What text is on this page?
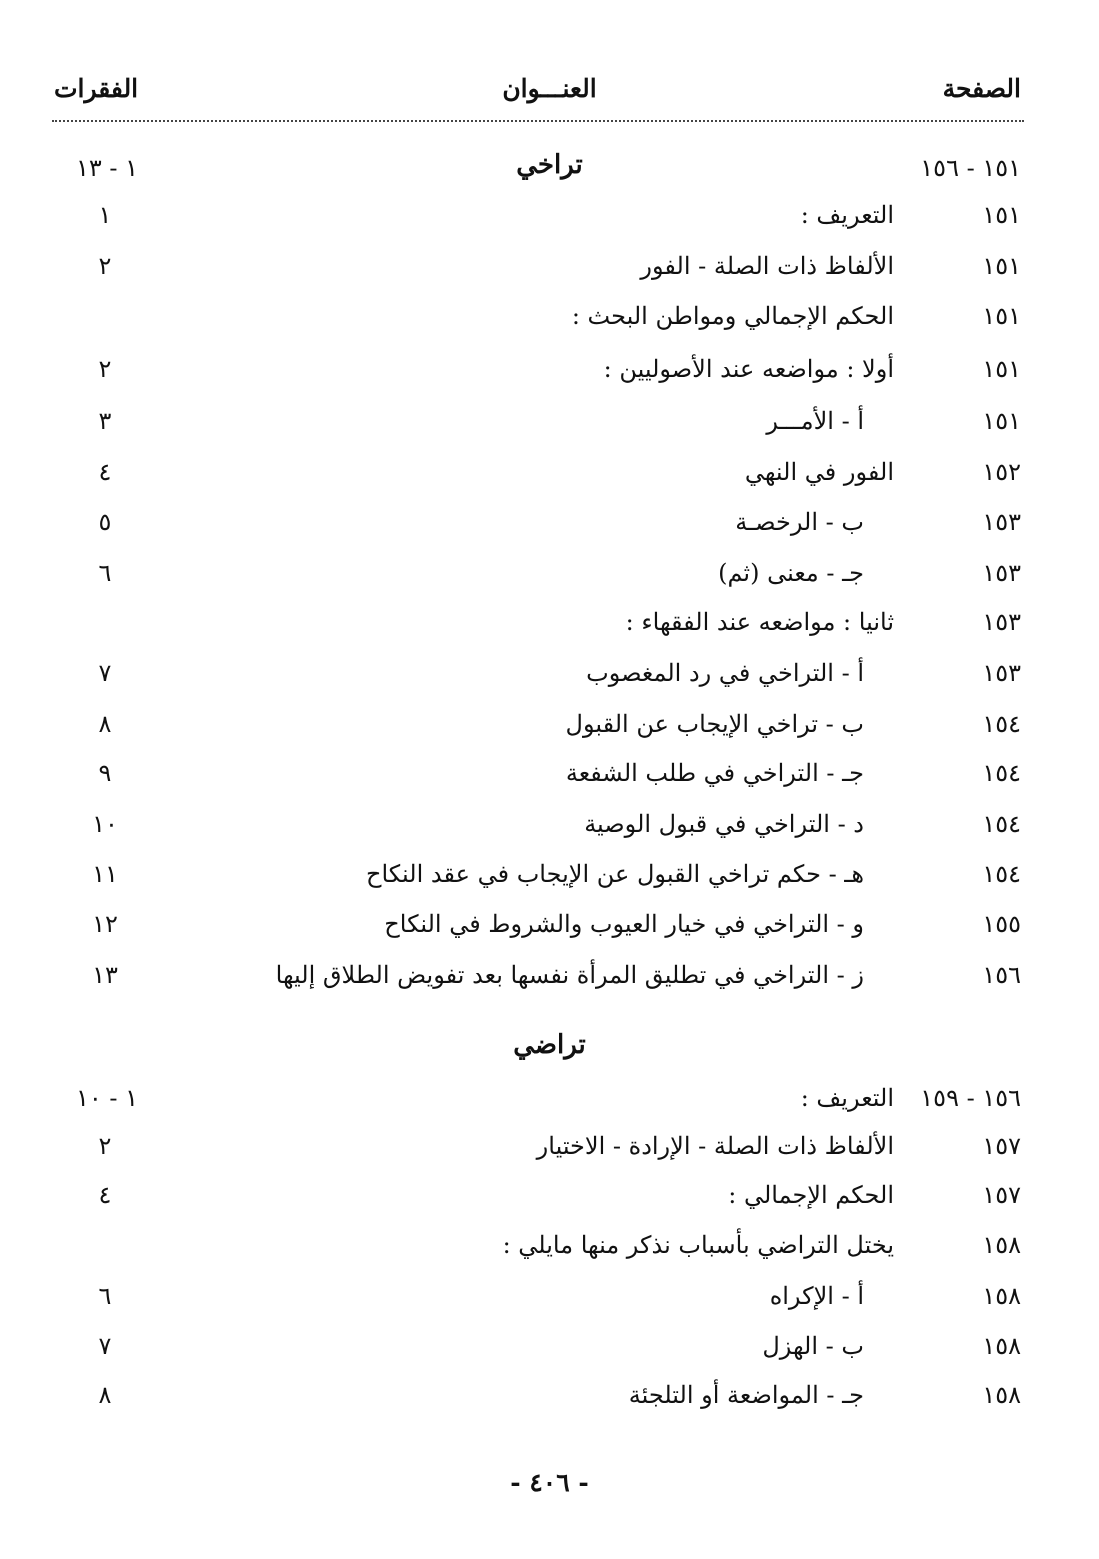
الصفحة
العنـــوان
الفقرات
تراخي	١٥١ - ١٥٦
١ - ١٣
١٥١
التعريف :
١
١٥١
الألفاظ ذات الصلة - الفور
٢
١٥١
الحكم الإجمالي ومواطن البحث :
١٥١
أولا : مواضعه عند الأصوليين :
٢
١٥١
أ - الأمـــر
٣
١٥٢
الفور في النهي
٤
١٥٣
ب - الرخصـة
٥
١٥٣
جـ - معنى (ثم)
٦
١٥٣
ثانيا : مواضعه عند الفقهاء :
١٥٣
أ - التراخي في رد المغصوب
٧
١٥٤
ب - تراخي الإيجاب عن القبول
٨
١٥٤
جـ - التراخي في طلب الشفعة
٩
١٥٤
د - التراخي في قبول الوصية
١٠
١٥٤
هـ - حكم تراخي القبول عن الإيجاب في عقد النكاح
١١
١٥٥
و - التراخي في خيار العيوب والشروط في النكاح
١٢
١٥٦
ز - التراخي في تطليق المرأة نفسها بعد تفويض الطلاق إليها
١٣
تراضي
١٥٦ - ١٥٩
التعريف :
١ - ١٠
١٥٧
الألفاظ ذات الصلة - الإرادة - الاختيار
٢
١٥٧
الحكم الإجمالي :
٤
١٥٨
يختل التراضي بأسباب نذكر منها مايلي :
١٥٨
أ - الإكراه
٦
١٥٨
ب - الهزل
٧
١٥٨
جـ - المواضعة أو التلجئة
٨
- ٤٠٦ -
